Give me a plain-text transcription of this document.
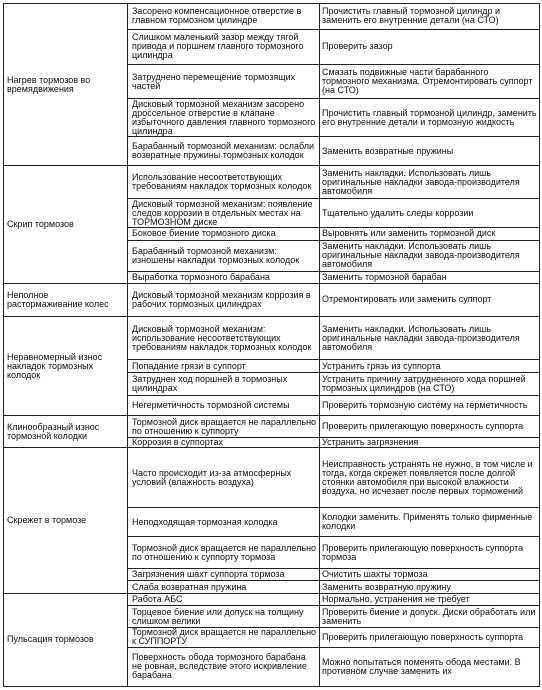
Нагрев тормозов во времядвижения	Засорено компенсационное отверстие в главном тормозном цилиндре	Прочистить главный тормозной цилиндр и заменить его внутренние детали (на СТО)
	Слишком маленький зазор между тягой привода и поршнем главного тормозного цилиндра	Проверить зазор
	Затруднено перемещение тормозящих частей	Смазать подвижные части барабанного тормозного механизма. Отремонтировать суппорт (на СТО)
	Дисковый тормозной механизм засорено дроссельное отверстие в клапане избыточного давления главного тормозного цилиндра	Прочистить главный тормозной цилиндр, заменить его внутренние детали и тормозную жидкость
	Барабанный тормозной механизм: ослабли возвратные пружины тормозных колодок	Заменить возвратные пружины
Скрип тормозов	Использование несоответствующих требованиям накладок тормозных колодок	Заменить накладки. Использовать лишь оригинальные накладки завода-производителя автомобиля
	Дисковый тормозной механизм: появление следов коррозии в отдельных местах на ТОРМОЗНОМ диске	Тщательно удалить следы коррозии
	Боковое биение тормозного диска	Выровнять или заменить тормозной диск
	Барабанный тормозной механизм: изношены накладки тормозных колодок	Заменить накладки. Использовать лишь оригинальные накладки завода-производителя автомобиля
	Выработка тормозного барабана	Заменить тормозной барабан
Неполное растормаживание колес	Дисковый тормозной механизм коррозия в рабочих тормозных цилиндрах	Отремонтировать или заменить суппорт
Неравномерный износ накладок тормозных колодок	Дисковый тормозной механизм: использование несоответствующих требованиям накладок тормозных колодок	Заменить накладки. Использовать лишь оригинальные накладки завода-производителя автомобиля
	Попадание грязи в суппорт	Устранить грязь из суппорта
	Затруднен ход поршней в тормозных цилиндрах	Устранить причину затрудненного хода поршней тормозных цилиндров (на СТО)
	Негерметичность тормозной системы	Проверить тормозную систему на герметичность
Клинообразный износ тормозной колодки	Тормозной диск вращается не параллельно по отношению к суппорту	Проверить прилегающую поверхность суппорта
	Коррозия в суппортах	Устранить загрязнения
Скрежет в тормозе	Часто происходит из-за атмосферных условий (влажность воздуха)	Неисправность устранять не нужно, в том числе и тогда, когда скрежет появляется после долгой стоянки автомобиля при высокой влажности воздуха, но исчезает после первых торможений
	Неподходящая тормозная колодка	Колодки заменить. Применять только фирменные колодки
	Тормозной диск вращается не параллельно по отношению к суппорту тормоза	Проверить прилегающую поверхность суппорта тормоза
	Загрязнения шахт суппорта тормоза	Очистить шахты тормоза
	Слаба возвратная пружина	Заменить возвратную пружину
Пульсация тормозов	Работа АБС	Нормально, устранения не требует
	Торцевое биение или допуск на толщину слишком велики	Проверить биение и допуск. Диски обработать или заменить
	Тормозной диск вращается не параллельно к СУППОРТУ	Проверить прилегающую поверхность суппорта
	Поверхность обода тормозного барабана не ровная, вследствие этого искривление барабана	Можно попытаться поменять обода местами. В противном случае заменить их
